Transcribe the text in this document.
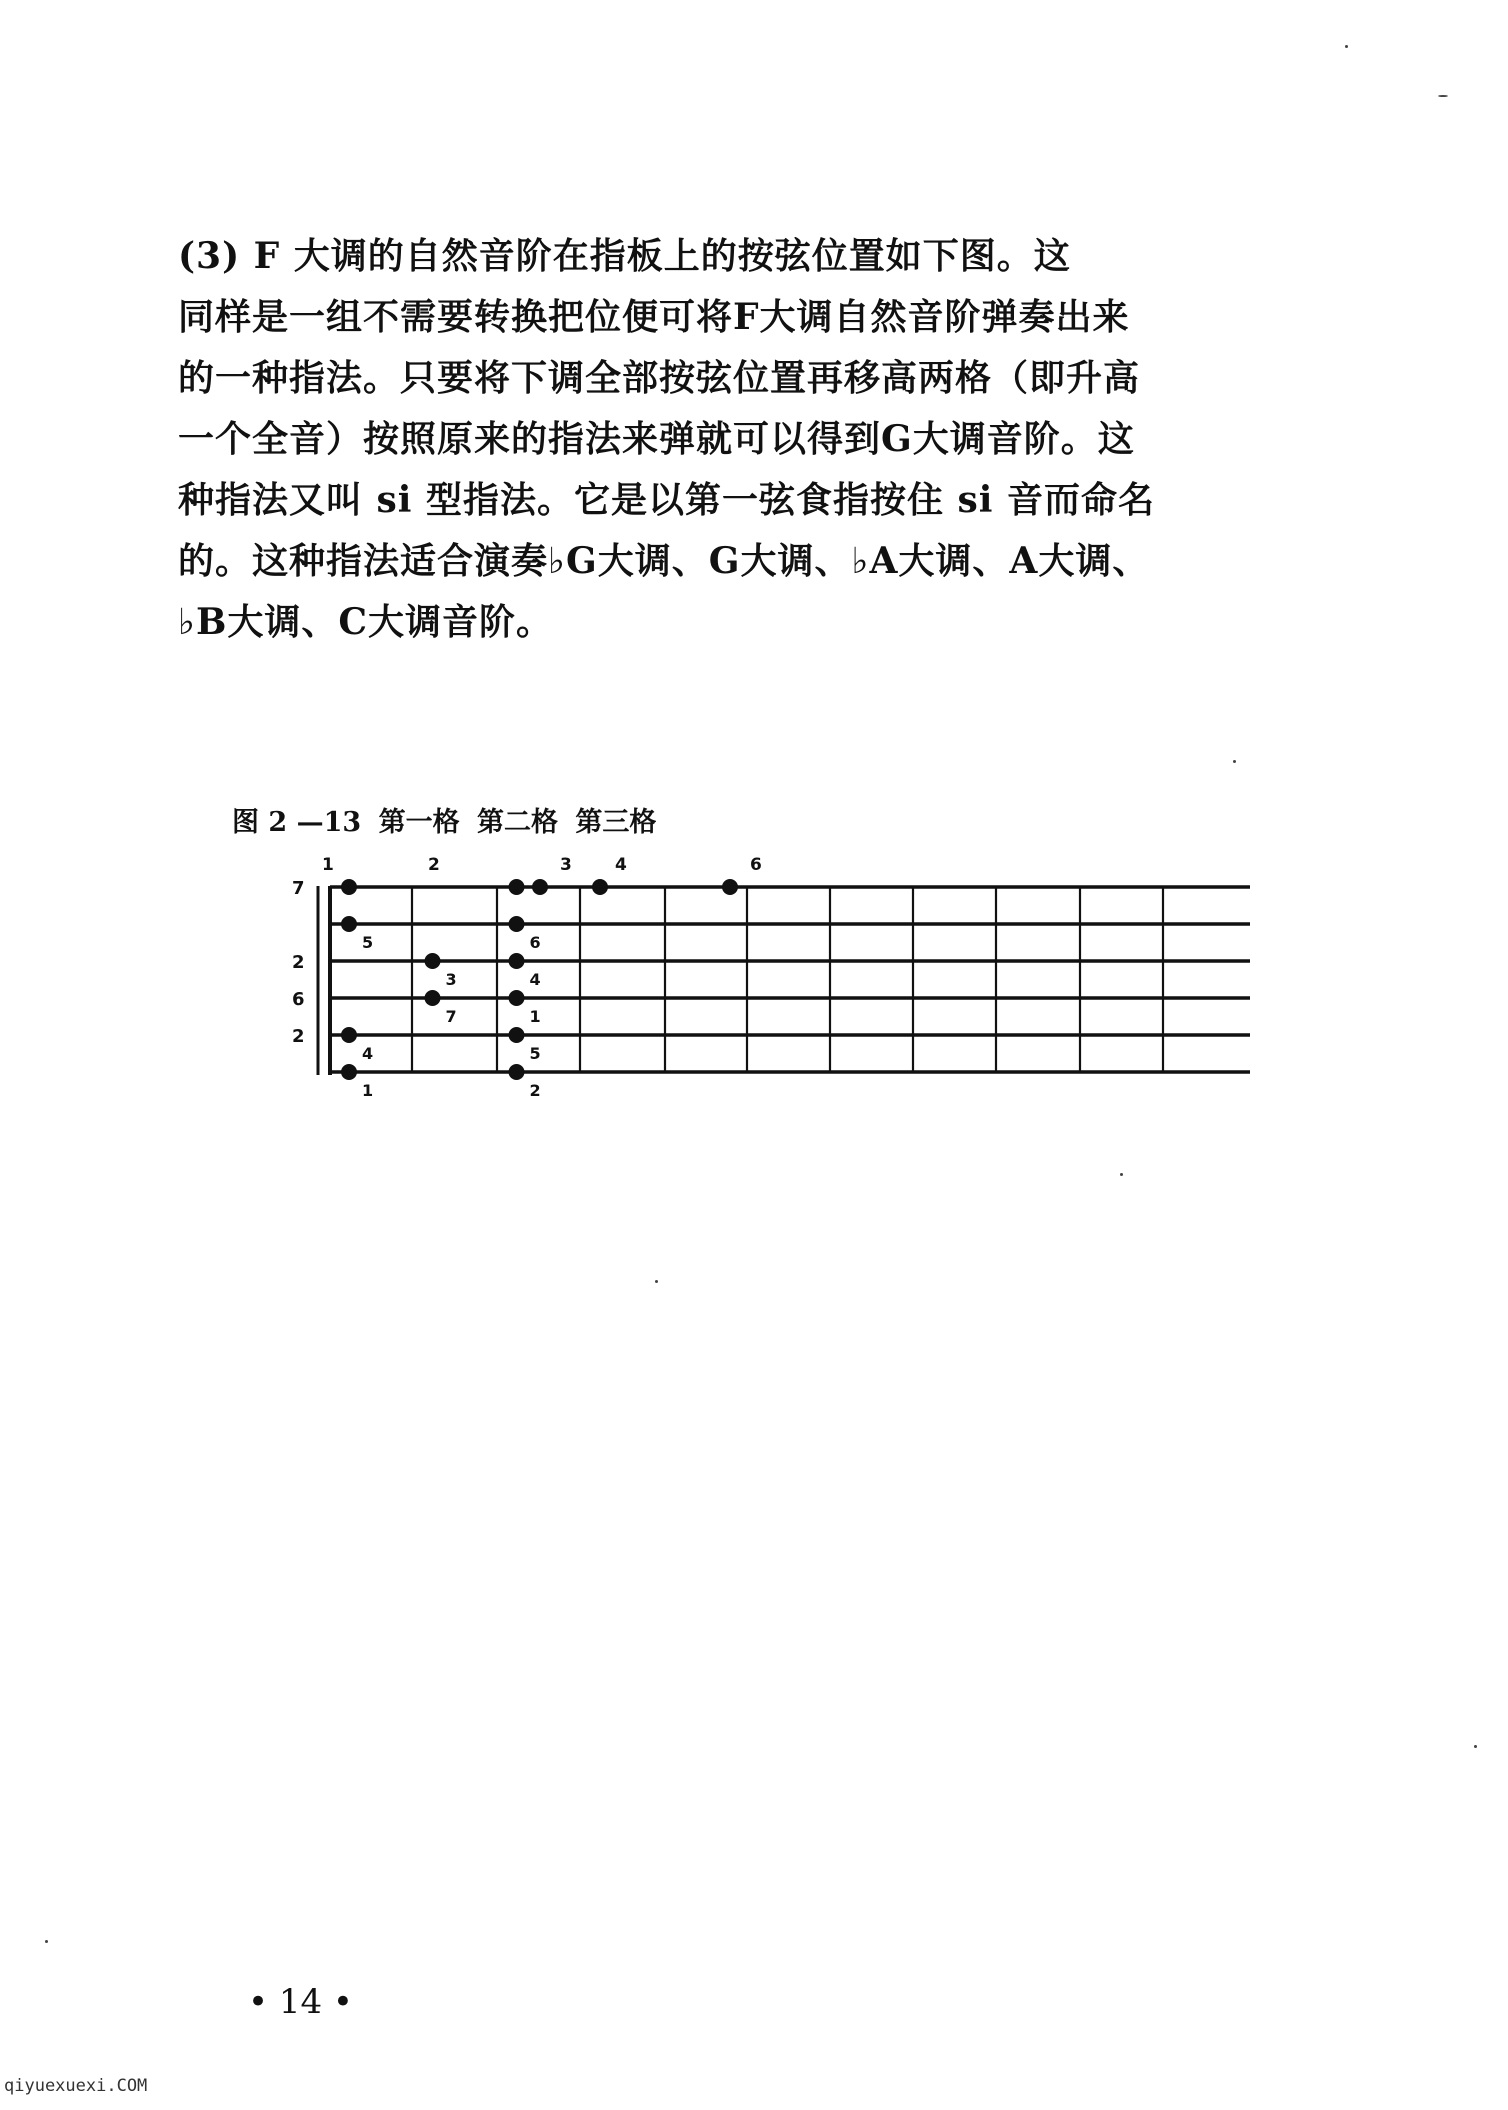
(3) F 大调的自然音阶在指板上的按弦位置如下图。这
同样是一组不需要转换把位便可将F大调自然音阶弹奏出来
的一种指法。只要将下调全部按弦位置再移高两格（即升高
一个全音）按照原来的指法来弹就可以得到G大调音阶。这
种指法又叫 si 型指法。它是以第一弦食指按住 si 音而命名
的。这种指法适合演奏♭G大调、G大调、♭A大调、A大调、
♭B大调、C大调音阶。
图 2 —13 第一格 第二格 第三格
7
2
6
2
1	2	3	4	6
5	6
3	4
7	1
4	5
1	2
• 14 •
qiyuexuexi.COM
